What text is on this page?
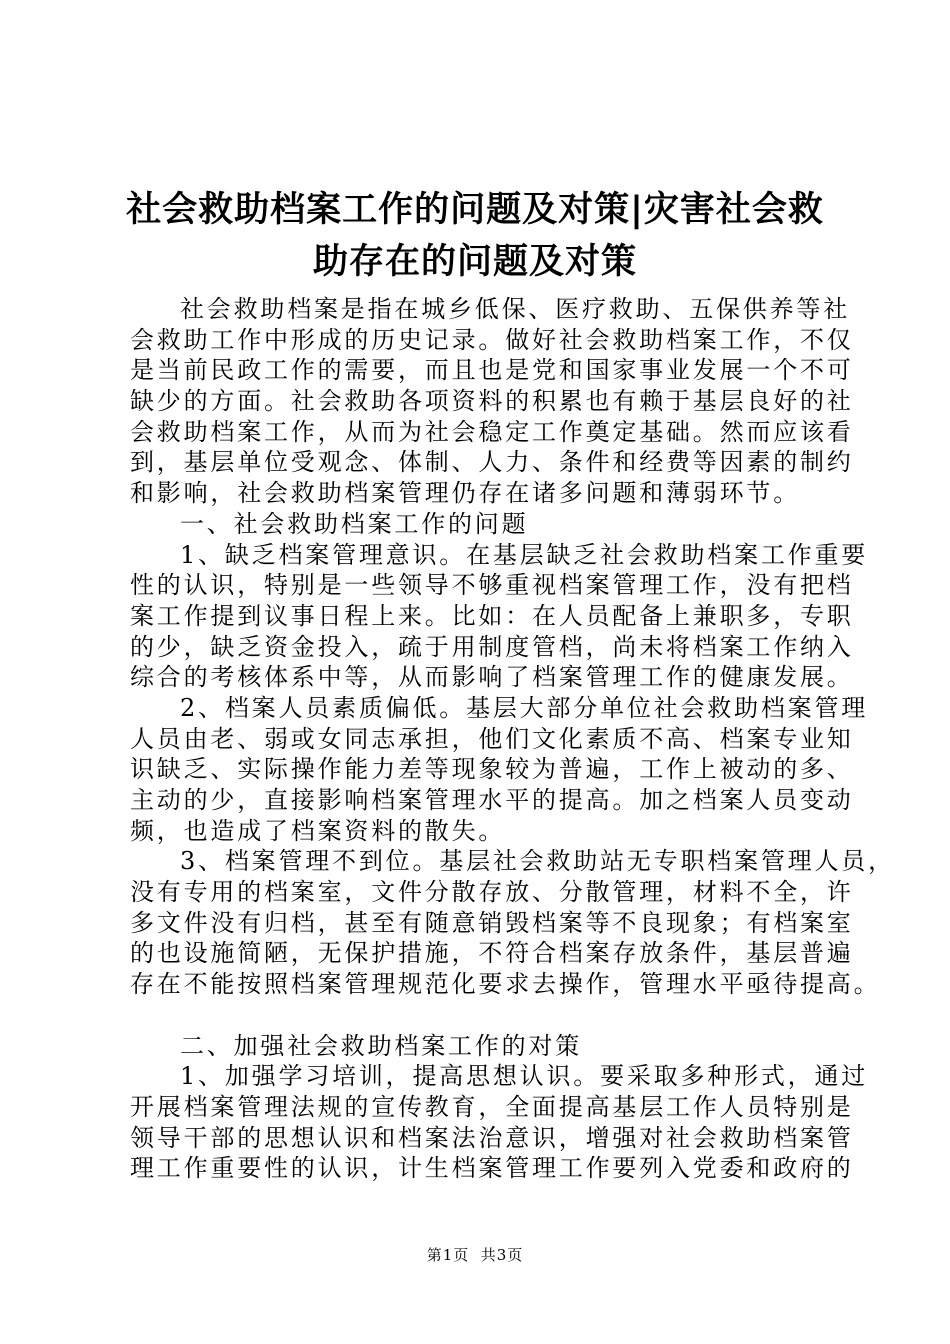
社会救助档案工作的问题及对策|灾害社会救
助存在的问题及对策
社会救助档案是指在城乡低保、医疗救助、五保供养等社
会救助工作中形成的历史记录。做好社会救助档案工作，不仅
是当前民政工作的需要，而且也是党和国家事业发展一个不可
缺少的方面。社会救助各项资料的积累也有赖于基层良好的社
会救助档案工作，从而为社会稳定工作奠定基础。然而应该看
到，基层单位受观念、体制、人力、条件和经费等因素的制约
和影响，社会救助档案管理仍存在诸多问题和薄弱环节。
一、社会救助档案工作的问题
1、缺乏档案管理意识。在基层缺乏社会救助档案工作重要
性的认识，特别是一些领导不够重视档案管理工作，没有把档
案工作提到议事日程上来。比如：在人员配备上兼职多，专职
的少，缺乏资金投入，疏于用制度管档，尚未将档案工作纳入
综合的考核体系中等，从而影响了档案管理工作的健康发展。
2、档案人员素质偏低。基层大部分单位社会救助档案管理
人员由老、弱或女同志承担，他们文化素质不高、档案专业知
识缺乏、实际操作能力差等现象较为普遍，工作上被动的多、
主动的少，直接影响档案管理水平的提高。加之档案人员变动
频，也造成了档案资料的散失。
3、档案管理不到位。基层社会救助站无专职档案管理人员，
没有专用的档案室，文件分散存放、分散管理，材料不全，许
多文件没有归档，甚至有随意销毁档案等不良现象；有档案室
的也设施简陋，无保护措施，不符合档案存放条件，基层普遍
存在不能按照档案管理规范化要求去操作，管理水平亟待提高。
二、加强社会救助档案工作的对策
1、加强学习培训，提高思想认识。要采取多种形式，通过
开展档案管理法规的宣传教育，全面提高基层工作人员特别是
领导干部的思想认识和档案法治意识，增强对社会救助档案管
理工作重要性的认识，计生档案管理工作要列入党委和政府的
第1页  共3页
